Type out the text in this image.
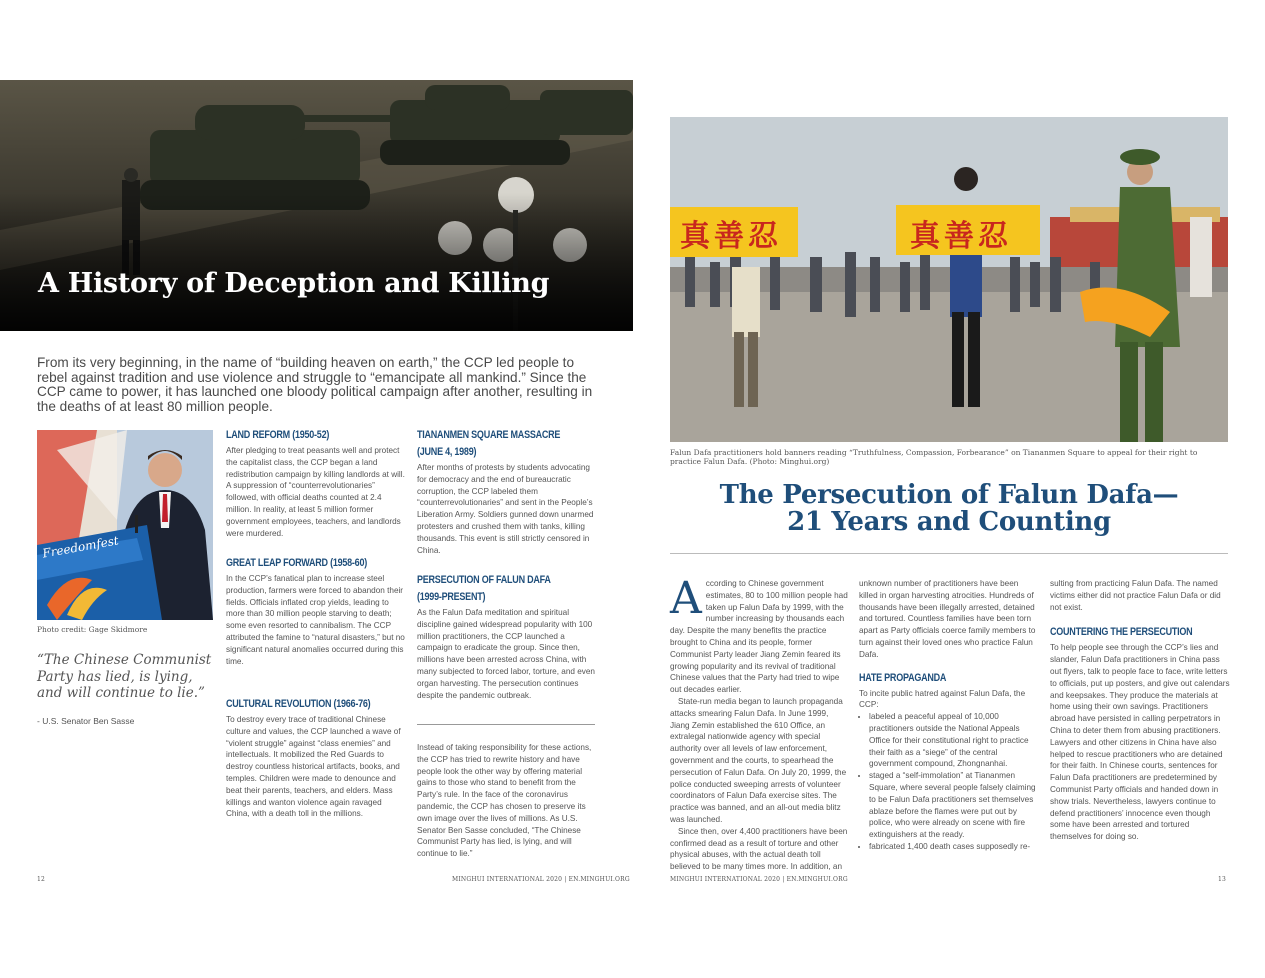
A History of Deception and Killing

From its very beginning, in the name of “building heaven on earth,” the CCP led people to rebel against tradition and use violence and struggle to “emancipate all mankind.” Since the CCP came to power, it has launched one bloody political campaign after another, resulting in the deaths of at least 80 million people.

Freedomfest
Photo credit: Gage Skidmore

“The Chinese Communist Party has lied, is lying, and will continue to lie.”

- U.S. Senator Ben Sasse
LAND REFORM (1950-52)

After pledging to treat peasants well and protect the capitalist class, the CCP began a land redistribution campaign by killing landlords at will. A suppression of “counterrevolutionaries” followed, with official deaths counted at 2.4 million. In reality, at least 5 million former government employees, teachers, and landlords were murdered.

GREAT LEAP FORWARD (1958-60)

In the CCP’s fanatical plan to increase steel production, farmers were forced to abandon their fields. Officials inflated crop yields, leading to more than 30 million people starving to death; some even resorted to cannibalism. The CCP attributed the famine to “natural disasters,” but no significant natural anomalies occurred during this time.

CULTURAL REVOLUTION (1966-76)

To destroy every trace of traditional Chinese culture and values, the CCP launched a wave of “violent struggle” against “class enemies” and intellectuals. It mobilized the Red Guards to destroy countless historical artifacts, books, and temples. Children were made to denounce and beat their parents, teachers, and elders. Mass killings and wanton violence again ravaged China, with a death toll in the millions.

TIANANMEN SQUARE MASSACRE
(JUNE 4, 1989)

After months of protests by students advocating for democracy and the end of bureaucratic corruption, the CCP labeled them “counterrevolutionaries” and sent in the People’s Liberation Army. Soldiers gunned down unarmed protesters and crushed them with tanks, killing thousands. This event is still strictly censored in China.

PERSECUTION OF FALUN DAFA
(1999-PRESENT)

As the Falun Dafa meditation and spiritual discipline gained widespread popularity with 100 million practitioners, the CCP launched a campaign to eradicate the group. Since then, millions have been arrested across China, with many subjected to forced labor, torture, and even organ harvesting. The persecution continues despite the pandemic outbreak.

Instead of taking responsibility for these actions, the CCP has tried to rewrite history and have people look the other way by offering material gains to those who stand to benefit from the Party’s rule. In the face of the coronavirus pandemic, the CCP has chosen to preserve its own image over the lives of millions. As U.S. Senator Ben Sasse concluded, “The Chinese Communist Party has lied, is lying, and will continue to lie.”

12	MINGHUI INTERNATIONAL 2020 | EN.MINGHUI.ORG
真善忍	真善忍

Falun Dafa practitioners hold banners reading “Truthfulness, Compassion, Forbearance” on Tiananmen Square to appeal for their right to practice Falun Dafa. (Photo: Minghui.org)

The Persecution of Falun Dafa—
21 Years and Counting

According to Chinese government estimates, 80 to 100 million people had taken up Falun Dafa by 1999, with the number increasing by thousands each day. Despite the many benefits the practice brought to China and its people, former Communist Party leader Jiang Zemin feared its growing popularity and its revival of traditional Chinese values that the Party had tried to wipe out decades earlier.

State-run media began to launch propaganda attacks smearing Falun Dafa. In June 1999, Jiang Zemin established the 610 Office, an extralegal nationwide agency with special authority over all levels of law enforcement, government and the courts, to spearhead the persecution of Falun Dafa. On July 20, 1999, the police conducted sweeping arrests of volunteer coordinators of Falun Dafa exercise sites. The practice was banned, and an all-out media blitz was launched.

Since then, over 4,400 practitioners have been confirmed dead as a result of torture and other physical abuses, with the actual death toll believed to be many times more. In addition, an

unknown number of practitioners have been killed in organ harvesting atrocities. Hundreds of thousands have been illegally arrested, detained and tortured. Countless families have been torn apart as Party officials coerce family members to turn against their loved ones who practice Falun Dafa.

HATE PROPAGANDA

To incite public hatred against Falun Dafa, the CCP:

• labeled a peaceful appeal of 10,000 practitioners outside the National Appeals Office for their constitutional right to practice their faith as a “siege” of the central government compound, Zhongnanhai.
• staged a “self-immolation” at Tiananmen Square, where several people falsely claiming to be Falun Dafa practitioners set themselves ablaze before the flames were put out by police, who were already on scene with fire extinguishers at the ready.
• fabricated 1,400 death cases supposedly re-

sulting from practicing Falun Dafa. The named victims either did not practice Falun Dafa or did not exist.

COUNTERING THE PERSECUTION

To help people see through the CCP’s lies and slander, Falun Dafa practitioners in China pass out flyers, talk to people face to face, write letters to officials, put up posters, and give out calendars and keepsakes. They produce the materials at home using their own savings. Practitioners abroad have persisted in calling perpetrators in China to deter them from abusing practitioners. Lawyers and other citizens in China have also helped to rescue practitioners who are detained for their faith. In Chinese courts, sentences for Falun Dafa practitioners are predetermined by Communist Party officials and handed down in show trials. Nevertheless, lawyers continue to defend practitioners’ innocence even though some have been arrested and tortured themselves for doing so.

MINGHUI INTERNATIONAL 2020 | EN.MINGHUI.ORG	13
